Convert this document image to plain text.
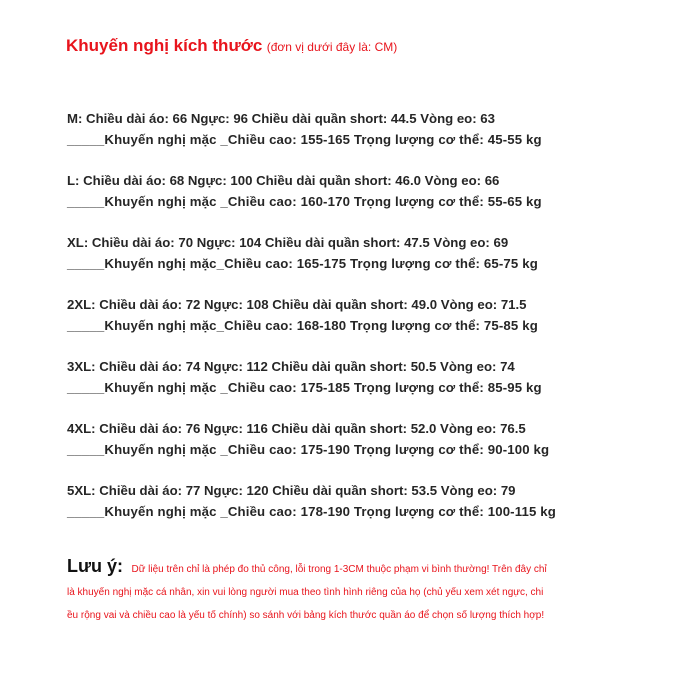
Khuyến nghị kích thước (đơn vị dưới đây là: CM)
M: Chiều dài áo: 66 Ngực: 96 Chiều dài quần short: 44.5 Vòng eo: 63
_____Khuyến nghị mặc _Chiều cao: 155-165 Trọng lượng cơ thể: 45-55 kg
L: Chiều dài áo: 68 Ngực: 100 Chiều dài quần short: 46.0 Vòng eo: 66
_____Khuyến nghị mặc _Chiều cao: 160-170 Trọng lượng cơ thể: 55-65 kg
XL: Chiều dài áo: 70 Ngực: 104 Chiều dài quần short: 47.5 Vòng eo: 69
_____Khuyến nghị mặc_Chiều cao: 165-175 Trọng lượng cơ thể: 65-75 kg
2XL: Chiều dài áo: 72 Ngực: 108 Chiều dài quần short: 49.0 Vòng eo: 71.5
_____Khuyến nghị mặc_Chiều cao: 168-180 Trọng lượng cơ thể: 75-85 kg
3XL: Chiều dài áo: 74 Ngực: 112 Chiều dài quần short: 50.5 Vòng eo: 74
_____Khuyến nghị mặc _Chiều cao: 175-185 Trọng lượng cơ thể: 85-95 kg
4XL: Chiều dài áo: 76 Ngực: 116 Chiều dài quần short: 52.0 Vòng eo: 76.5
_____Khuyến nghị mặc _Chiều cao: 175-190 Trọng lượng cơ thể: 90-100 kg
5XL: Chiều dài áo: 77 Ngực: 120 Chiều dài quần short: 53.5 Vòng eo: 79
_____Khuyến nghị mặc _Chiều cao: 178-190 Trọng lượng cơ thể: 100-115 kg
Lưu ý: Dữ liệu trên chỉ là phép đo thủ công, lỗi trong 1-3CM thuộc phạm vi bình thường! Trên đây chỉ
là khuyến nghị mặc cá nhân, xin vui lòng người mua theo tình hình riêng của họ (chủ yếu xem xét ngực, chi
ều rộng vai và chiều cao là yếu tố chính) so sánh với bảng kích thước quần áo để chọn số lượng thích hợp!
